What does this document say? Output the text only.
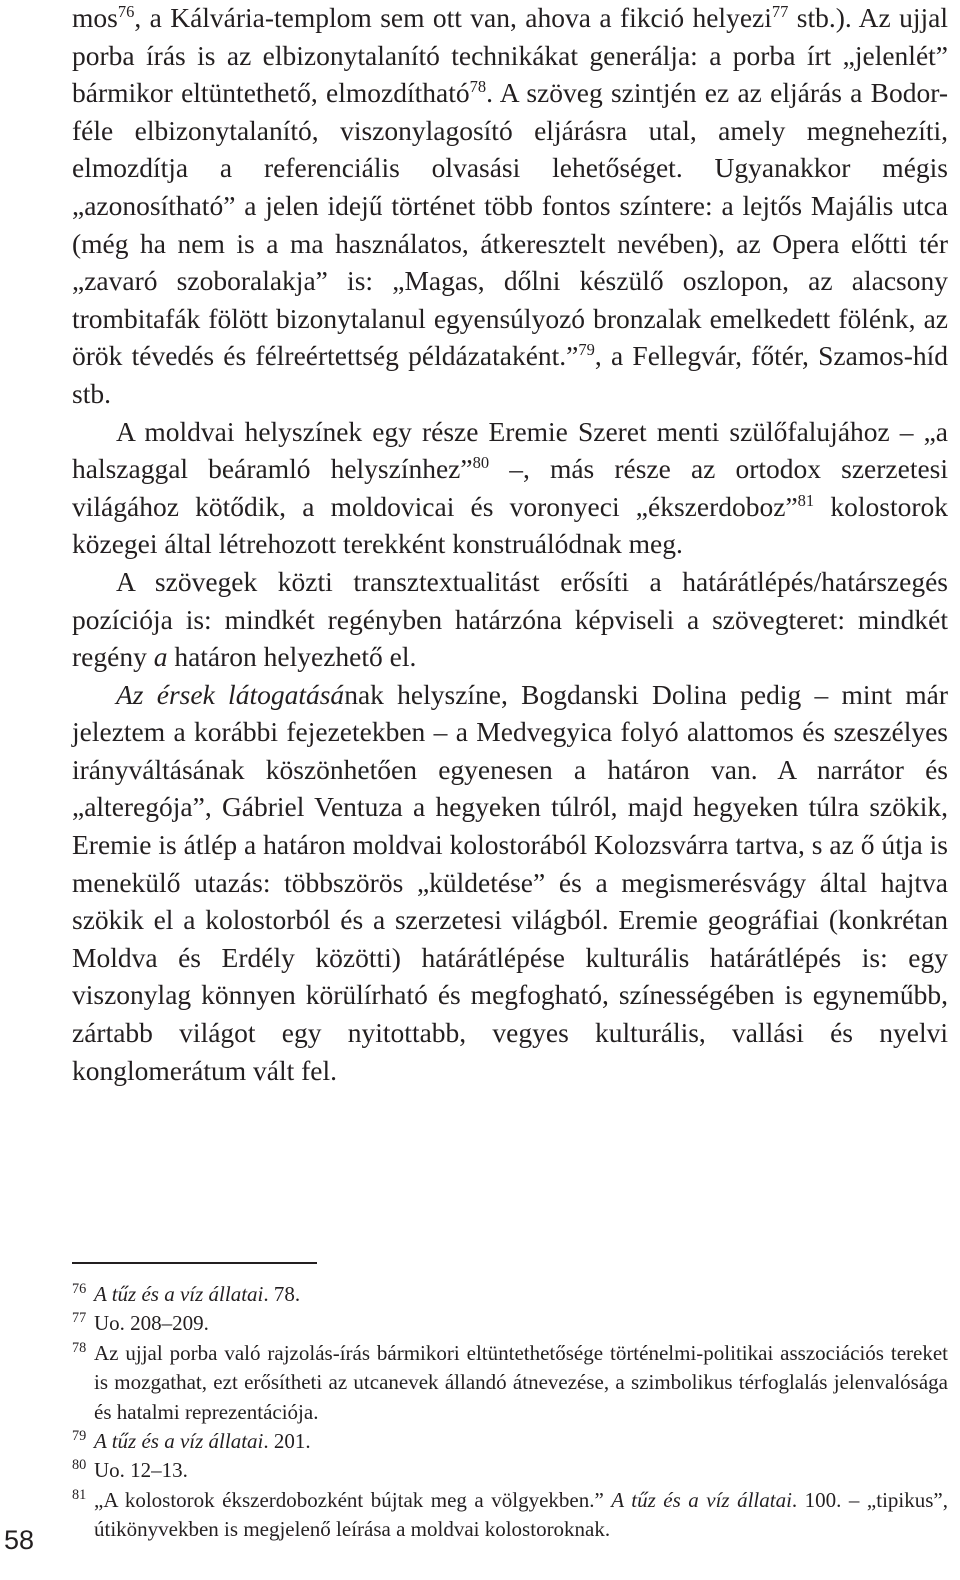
mos$^{76}$, a Kálvária-templom sem ott van, ahova a fikció helyezi$^{77}$ stb.). Az ujjal porba írás is az elbizonytalanító technikákat generálja: a porba írt „jelenlét” bármikor eltüntethető, elmozdítható$^{78}$. A szöveg szintjén ez az eljárás a Bodor-féle elbizonytalanító, viszonylagosító eljárásra utal, amely megnehezíti, elmozdítja a referenciális olvasási lehetőséget. Ugyanakkor mégis „azonosítható” a jelen idejű történet több fontos színtere: a lejtős Majális utca (még ha nem is a ma használatos, átkeresztelt nevében), az Opera előtti tér „zavaró szoboralakja” is: „Magas, dőlni készülő oszlopon, az alacsony trombitafák fölött bizonytalanul egyensúlyozó bronzalak emelkedett fölénk, az örök tévedés és félreértettség példázataként.”$^{79}$, a Fellegvár, főtér, Szamos-híd stb.

A moldvai helyszínek egy része Eremie Szeret menti szülőfalujához – „a halszaggal beáramló helyszínhez”$^{80}$ –, más része az ortodox szerzetesi világához kötődik, a moldovicai és voronyeci „ékszerdoboz”$^{81}$ kolostorok közegei által létrehozott terekként konstruálódnak meg.

A szövegek közti transztextualitást erősíti a határátlépés/határszegés pozíciója is: mindkét regényben határzóna képviseli a szövegteret: mindkét regény a határon helyezhető el.

Az érsek látogatásának helyszíne, Bogdanski Dolina pedig – mint már jeleztem a korábbi fejezetekben – a Medvegyica folyó alattomos és szeszélyes irányváltásának köszönhetően egyenesen a határon van. A narrátor és „alteregója”, Gábriel Ventuza a hegyeken túlról, majd hegyeken túlra szökik, Eremie is átlép a határon moldvai kolostorából Kolozsvárra tartva, s az ő útja is menekülő utazás: többszörös „küldetése” és a megismerésvágy által hajtva szökik el a kolostorból és a szerzetesi világból. Eremie geográfiai (konkrétan Moldva és Erdély közötti) határátlépése kulturális határátlépés is: egy viszonylag könnyen körülírható és megfogható, színességében is egyneműbb, zártabb világot egy nyitottabb, vegyes kulturális, vallási és nyelvi konglomerátum vált fel.

$^{76}$ A tűz és a víz állatai. 78.
$^{77}$ Uo. 208–209.
$^{78}$ Az ujjal porba való rajzolás-írás bármikori eltüntethetősége történelmi-politikai asszociációs tereket is mozgathat, ezt erősítheti az utcanevek állandó átnevezése, a szimbolikus térfoglalás jelenvalósága és hatalmi reprezentációja.
$^{79}$ A tűz és a víz állatai. 201.
$^{80}$ Uo. 12–13.
$^{81}$ „A kolostorok ékszerdobozként bújtak meg a völgyekben.” A tűz és a víz állatai. 100. – „tipikus”, útikönyvekben is megjelenő leírása a moldvai kolostoroknak.
58
